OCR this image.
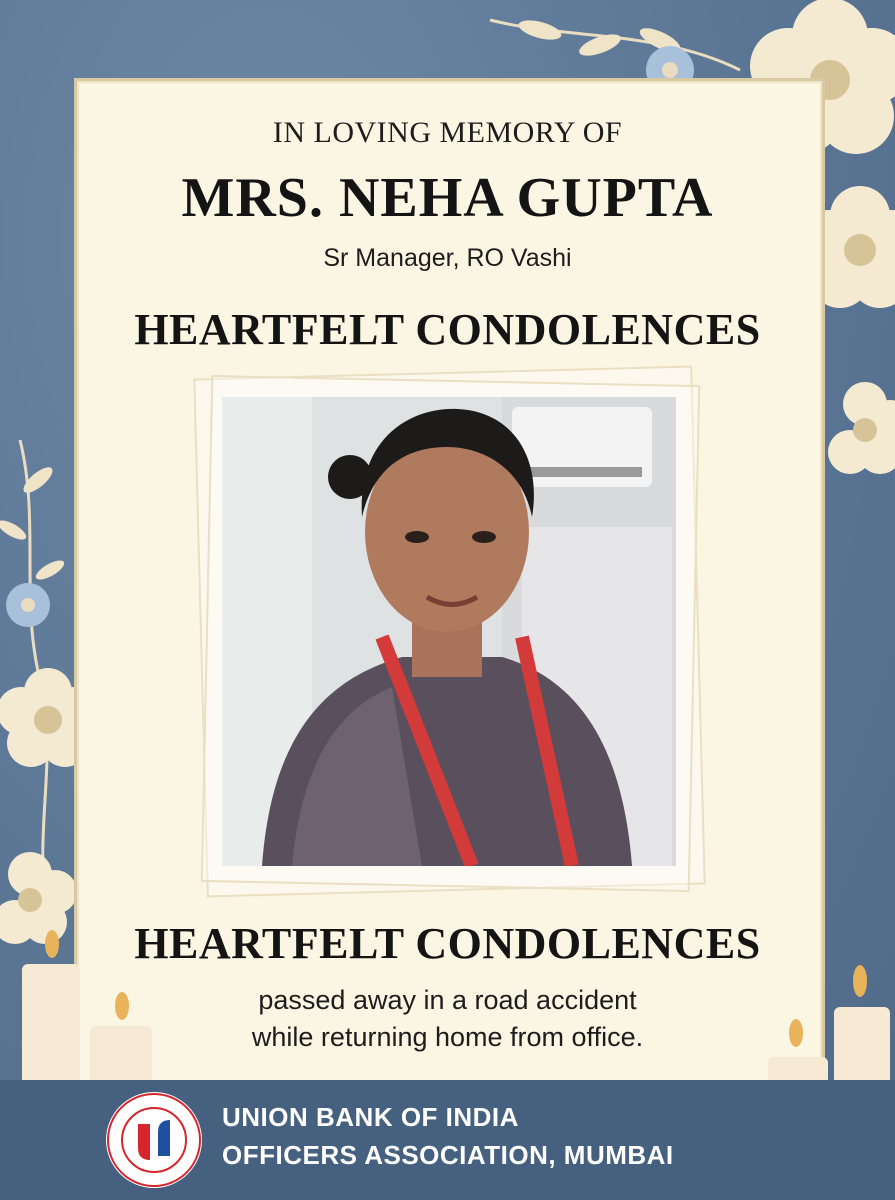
IN LOVING MEMORY OF
MRS. NEHA GUPTA
Sr Manager, RO Vashi
HEARTFELT CONDOLENCES
HEARTFELT CONDOLENCES
passed away in a road accident
while returning home from office.
UNION BANK OF INDIA
OFFICERS ASSOCIATION, MUMBAI
